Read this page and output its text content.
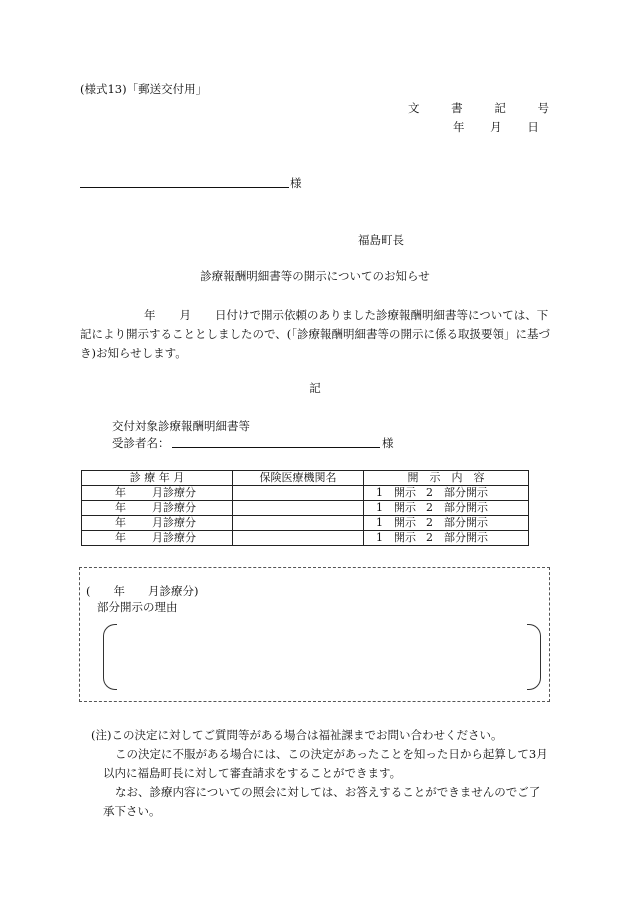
(様式13)「郵送交付用」
文	書	記	号
年 月 日
様
福島町長
診療報酬明細書等の開示についてのお知らせ
年 月 日付けで開示依頼のありました診療報酬明細書等については、下記により開示することとしましたので、(「診療報酬明細書等の開示に係る取扱要領」に基づき)お知らせします。
記
交付対象診療報酬明細書等
受診者名：	様
診 療 年 月	保険医療機関名	開　示　内　容
年 月診療分		1　開示 2　部分開示
年 月診療分		1　開示 2　部分開示
年 月診療分		1　開示 2　部分開示
年 月診療分		1　開示 2　部分開示
(　　年　　月診療分)
部分開示の理由
(注)この決定に対してご質問等がある場合は福祉課までお問い合わせください。
この決定に不服がある場合には、この決定があったことを知った日から起算して3月以内に福島町長に対して審査請求をすることができます。
なお、診療内容についての照会に対しては、お答えすることができませんのでご了承下さい。
